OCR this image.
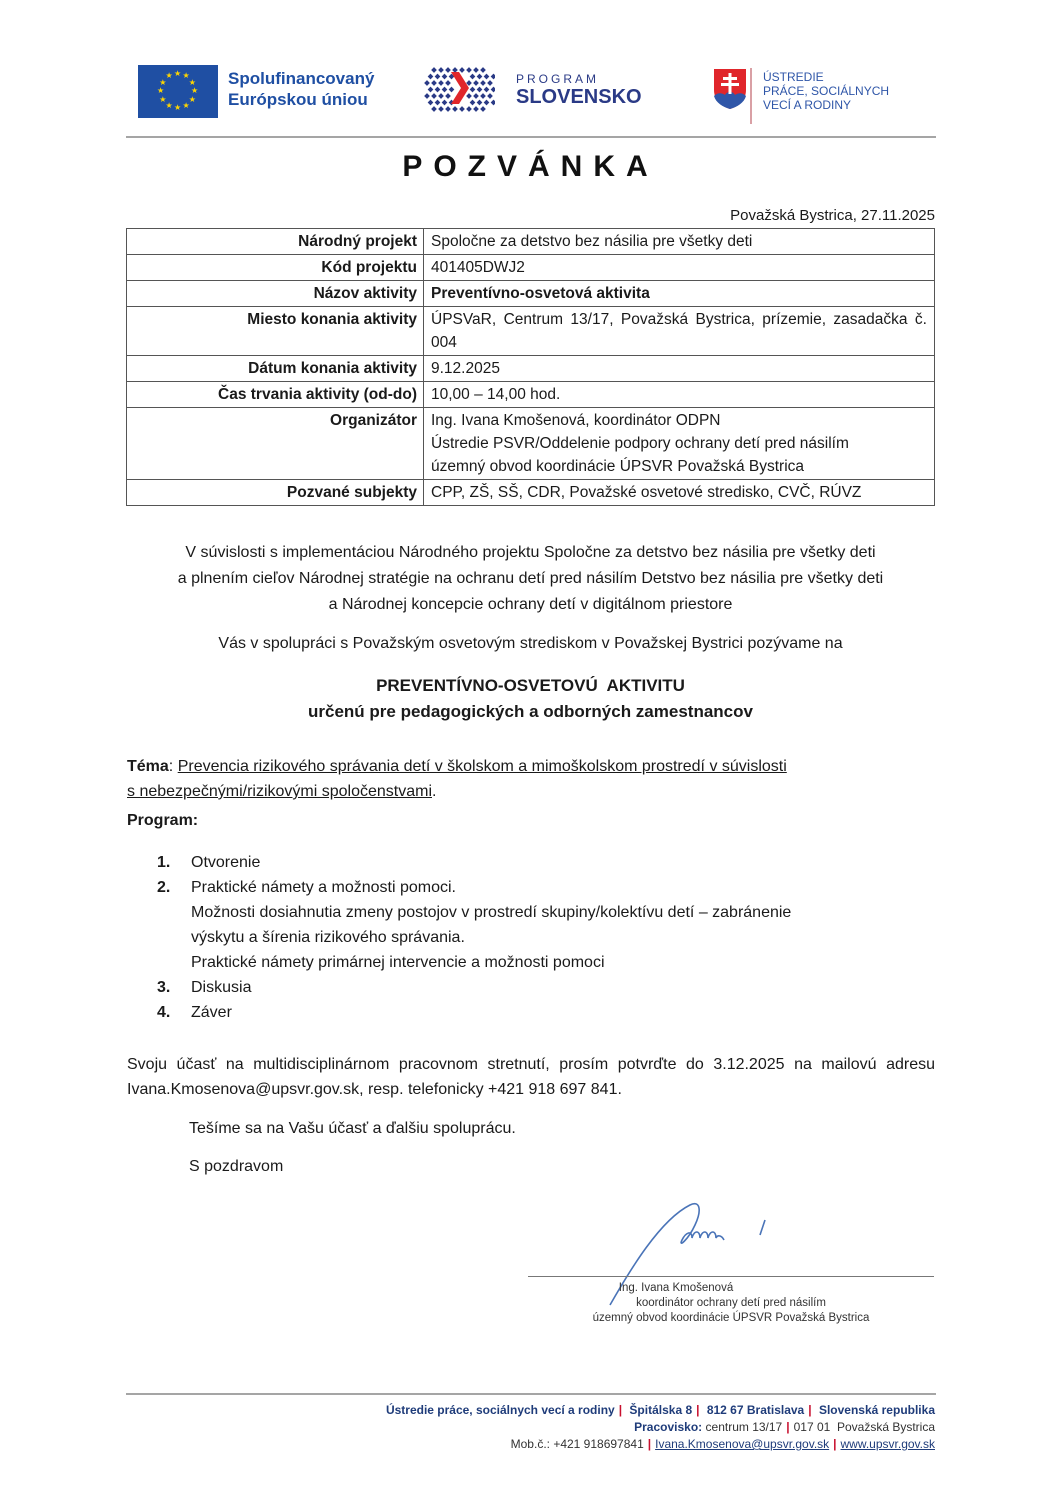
★
★
★
★
★
★
★
★
★ ★ ★
★ Spolufinancovaný
Európskou úniou
PROGRAM
SLOVENSKO
ÚSTREDIE
PRÁCE, SOCIÁLNYCH
VECÍ A RODINY
POZVÁNKA
Považská Bystrica, 27.11.2025
Národný projekt	Spoločne za detstvo bez násilia pre všetky deti
Kód projektu	401405DWJ2
Názov aktivity	Preventívno-osvetová aktivita
Miesto konania aktivity	ÚPSVaR, Centrum 13/17, Považská Bystrica, prízemie, zasadačka č. 004
Dátum konania aktivity	9.12.2025
Čas trvania aktivity (od-do)	10,00 – 14,00 hod.
Organizátor	Ing. Ivana Kmošenová, koordinátor ODPN
Ústredie PSVR/Oddelenie podpory ochrany detí pred násilím
územný obvod koordinácie ÚPSVR Považská Bystrica

Pozvané subjekty	CPP, ZŠ, SŠ, CDR, Považské osvetové stredisko, CVČ, RÚVZ
V súvislosti s implementáciou Národného projektu Spoločne za detstvo bez násilia pre všetky deti
a plnením cieľov Národnej stratégie na ochranu detí pred násilím Detstvo bez násilia pre všetky deti
a Národnej koncepcie ochrany detí v digitálnom priestore
Vás v spolupráci s Považským osvetovým strediskom v Považskej Bystrici pozývame na
PREVENTÍVNO-OSVETOVÚ  AKTIVITU
určenú pre pedagogických a odborných zamestnancov
Téma: Prevencia rizikového správania detí v školskom a mimoškolskom prostredí v súvislosti
s nebezpečnými/rizikovými spoločenstvami.
Program:
1. Otvorenie
2. Praktické námety a možnosti pomoci.
Možnosti dosiahnutia zmeny postojov v prostredí skupiny/kolektívu detí – zabránenie
výskytu a šírenia rizikového správania.
Praktické námety primárnej intervencie a možnosti pomoci
3. Diskusia
4. Záver
Svoju účasť na multidisciplinárnom pracovnom stretnutí, prosím potvrďte do 3.12.2025 na mailovú adresu Ivana.Kmosenova@upsvr.gov.sk, resp. telefonicky +421 918 697 841.
Tešíme sa na Vašu účasť a ďalšiu spoluprácu.
S pozdravom
Ing. Ivana Kmošenová
koordinátor ochrany detí pred násilím
územný obvod koordinácie ÚPSVR Považská Bystrica
Ústredie práce, sociálnych vecí a rodiny | Špitálska 8 | 812 67 Bratislava | Slovenská republika
Pracovisko: centrum 13/17 | 017 01  Považská Bystrica
Mob.č.: +421 918697841 | Ivana.Kmosenova@upsvr.gov.sk | www.upsvr.gov.sk
